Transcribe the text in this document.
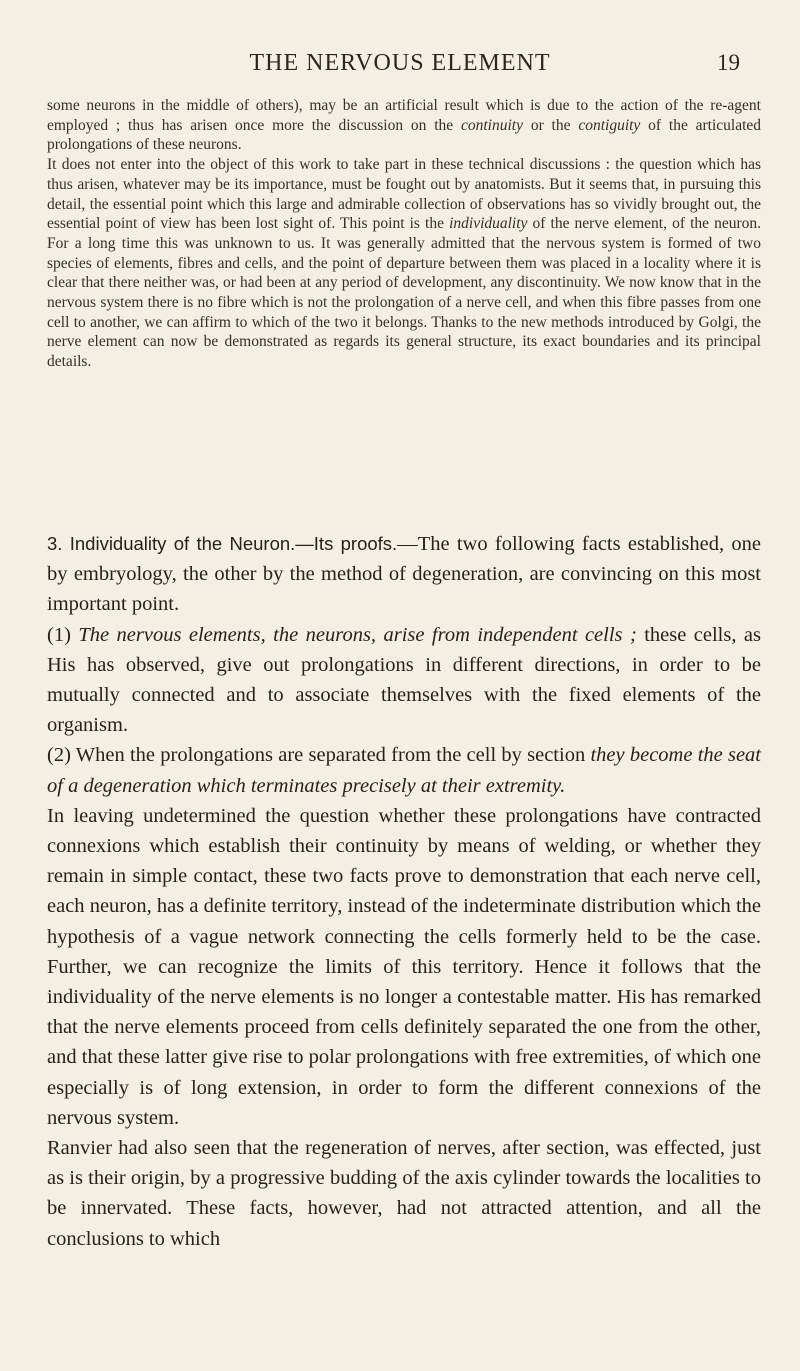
THE NERVOUS ELEMENT	19

some neurons in the middle of others), may be an artificial result which is due to the action of the re-agent employed ; thus has arisen once more the discussion on the continuity or the contiguity of the articulated prolongations of these neurons.

It does not enter into the object of this work to take part in these technical discussions : the question which has thus arisen, whatever may be its importance, must be fought out by anatomists. But it seems that, in pursuing this detail, the essential point which this large and admirable collection of observations has so vividly brought out, the essential point of view has been lost sight of. This point is the individuality of the nerve element, of the neuron. For a long time this was unknown to us. It was generally admitted that the nervous system is formed of two species of elements, fibres and cells, and the point of departure between them was placed in a locality where it is clear that there neither was, or had been at any period of development, any discontinuity. We now know that in the nervous system there is no fibre which is not the prolongation of a nerve cell, and when this fibre passes from one cell to another, we can affirm to which of the two it belongs. Thanks to the new methods introduced by Golgi, the nerve element can now be demonstrated as regards its general structure, its exact boundaries and its principal details.

3. Individuality of the Neuron.—Its proofs.—The two following facts established, one by embryology, the other by the method of degeneration, are convincing on this most important point.

(1) The nervous elements, the neurons, arise from independent cells ; these cells, as His has observed, give out prolongations in different directions, in order to be mutually connected and to associate themselves with the fixed elements of the organism.

(2) When the prolongations are separated from the cell by section they become the seat of a degeneration which terminates precisely at their extremity.

In leaving undetermined the question whether these prolongations have contracted connexions which establish their continuity by means of welding, or whether they remain in simple contact, these two facts prove to demonstration that each nerve cell, each neuron, has a definite territory, instead of the indeterminate distribution which the hypothesis of a vague network connecting the cells formerly held to be the case. Further, we can recognize the limits of this territory. Hence it follows that the individuality of the nerve elements is no longer a contestable matter. His has remarked that the nerve elements proceed from cells definitely separated the one from the other, and that these latter give rise to polar prolongations with free extremities, of which one especially is of long extension, in order to form the different connexions of the nervous system.

Ranvier had also seen that the regeneration of nerves, after section, was effected, just as is their origin, by a progressive budding of the axis cylinder towards the localities to be innervated. These facts, however, had not attracted attention, and all the conclusions to which
